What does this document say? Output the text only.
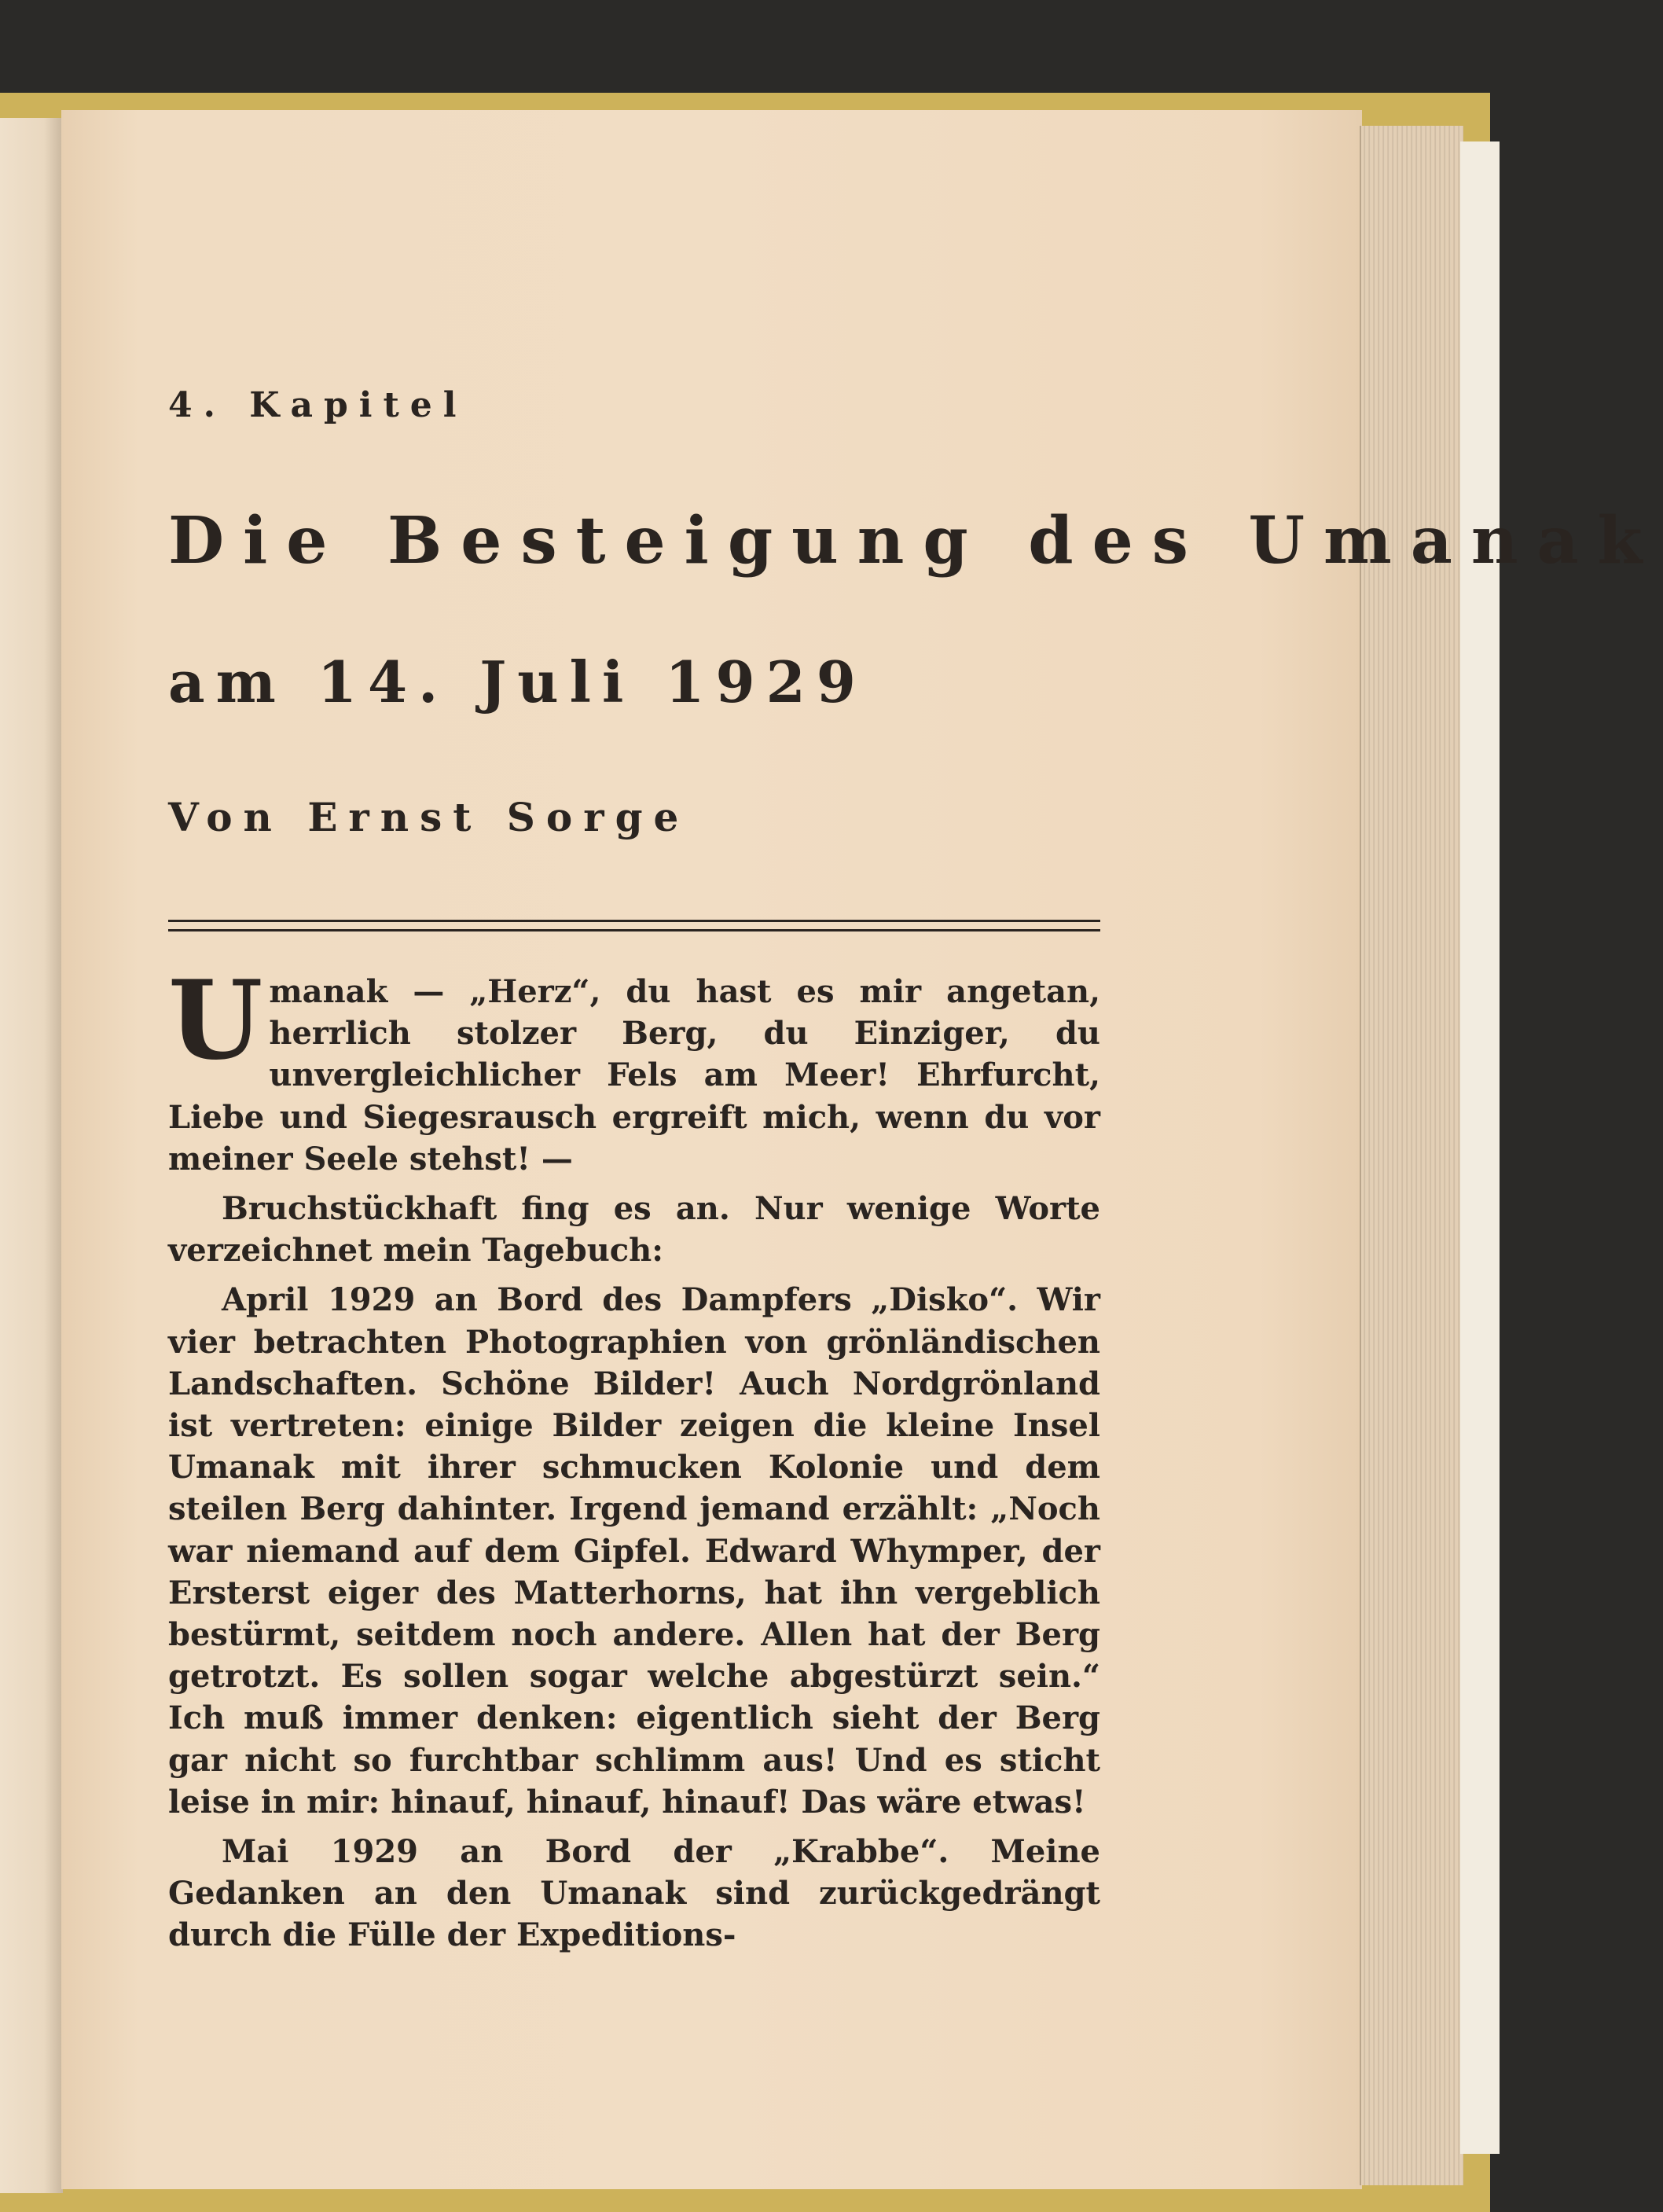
4. Kapitel

Die Besteigung des Umanak
am 14. Juli 1929

Von Ernst Sorge

Umanak — „Herz“, du hast es mir angetan, herrlich stolzer Berg, du Einziger, du unvergleichlicher Fels am Meer! Ehrfurcht, Liebe und Siegesrausch ergreift mich, wenn du vor meiner Seele stehst! —

Bruchstückhaft fing es an. Nur wenige Worte verzeichnet mein Tagebuch:

April 1929 an Bord des Dampfers „Disko“. Wir vier betrachten Photographien von grönländischen Landschaften. Schöne Bilder! Auch Nordgrönland ist vertreten: einige Bilder zeigen die kleine Insel Umanak mit ihrer schmucken Kolonie und dem steilen Berg dahinter. Irgend jemand erzählt: „Noch war niemand auf dem Gipfel. Edward Whymper, der Ersterst eiger des Matterhorns, hat ihn vergeblich bestürmt, seitdem noch andere. Allen hat der Berg getrotzt. Es sollen sogar welche abgestürzt sein.“ Ich muß immer denken: eigentlich sieht der Berg gar nicht so furchtbar schlimm aus! Und es sticht leise in mir: hinauf, hinauf, hinauf! Das wäre etwas!

Mai 1929 an Bord der „Krabbe“. Meine Gedanken an den Umanak sind zurückgedrängt durch die Fülle der Expeditions-
